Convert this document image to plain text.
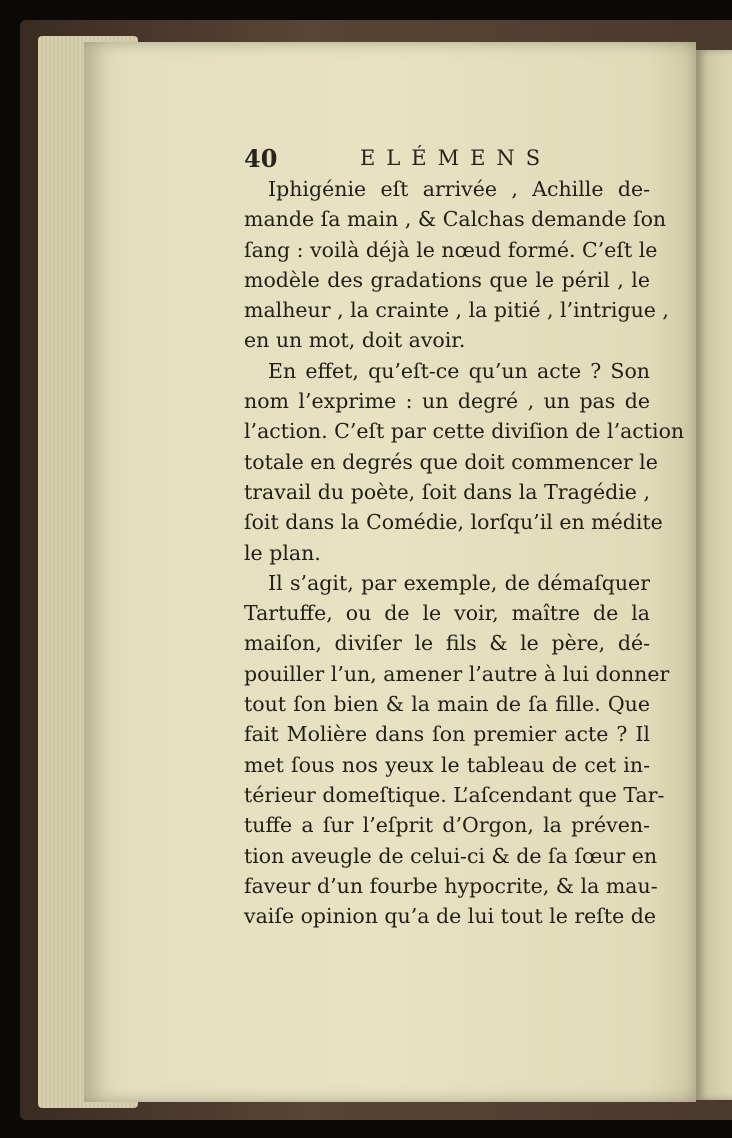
40	ELÉMENS
Iphigénie eſt arrivée , Achille de-
mande ſa main , & Calchas demande ſon
ſang : voilà déjà le nœud formé. C’eſt le
modèle des gradations que le péril , le
malheur , la crainte , la pitié , l’intrigue ,
en un mot, doit avoir.
En effet, qu’eſt-ce qu’un acte ? Son
nom l’exprime : un degré , un pas de
l’action. C’eſt par cette diviſion de l’action
totale en degrés que doit commencer le
travail du poète, ſoit dans la Tragédie ,
ſoit dans la Comédie, lorſqu’il en médite
le plan.
Il s’agit, par exemple, de démaſquer
Tartuffe, ou de le voir, maître de la
maiſon, diviſer le fils & le père, dé-
pouiller l’un, amener l’autre à lui donner
tout ſon bien & la main de ſa fille. Que
fait Molière dans ſon premier acte ? Il
met ſous nos yeux le tableau de cet in-
térieur domeſtique. L’aſcendant que Tar-
tuffe a ſur l’eſprit d’Orgon, la préven-
tion aveugle de celui-ci & de ſa ſœur en
faveur d’un fourbe hypocrite, & la mau-
vaiſe opinion qu’a de lui tout le reſte de
